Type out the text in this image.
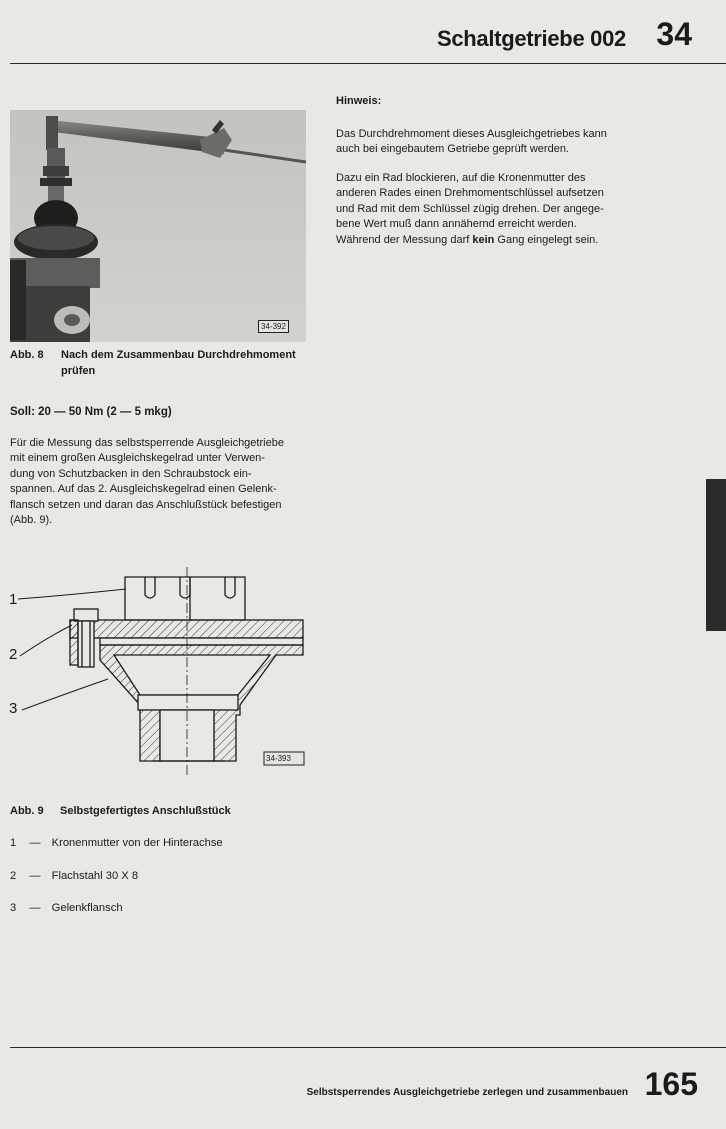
Schaltgetriebe 002 34
34-392
Abb. 8 Nach dem Zusammenbau Durchdrehmoment
prüfen
Soll: 20 — 50 Nm (2 — 5 mkg)
Für die Messung das selbstsperrende Ausgleichgetriebe
mit einem großen Ausgleichskegelrad unter Verwen-
dung von Schutzbacken in den Schraubstock ein-
spannen. Auf das 2. Ausgleichskegelrad einen Gelenk-
flansch setzen und daran das Anschlußstück befestigen
(Abb. 9).
Hinweis:
Das Durchdrehmoment dieses Ausgleichgetriebes kann
auch bei eingebautem Getriebe geprüft werden.
Dazu ein Rad blockieren, auf die Kronenmutter des
anderen Rades einen Drehmomentschlüssel aufsetzen
und Rad mit dem Schlüssel zügig drehen. Der angege-
bene Wert muß dann annähernd erreicht werden.
Während der Messung darf kein Gang eingelegt sein.
1
2
3
34-393
Abb. 9 Selbstgefertigtes Anschlußstück
1 — Kronenmutter von der Hinterachse
2 — Flachstahl 30 X 8
3 — Gelenkflansch
Selbstsperrendes Ausgleichgetriebe zerlegen und zusammenbauen 165
